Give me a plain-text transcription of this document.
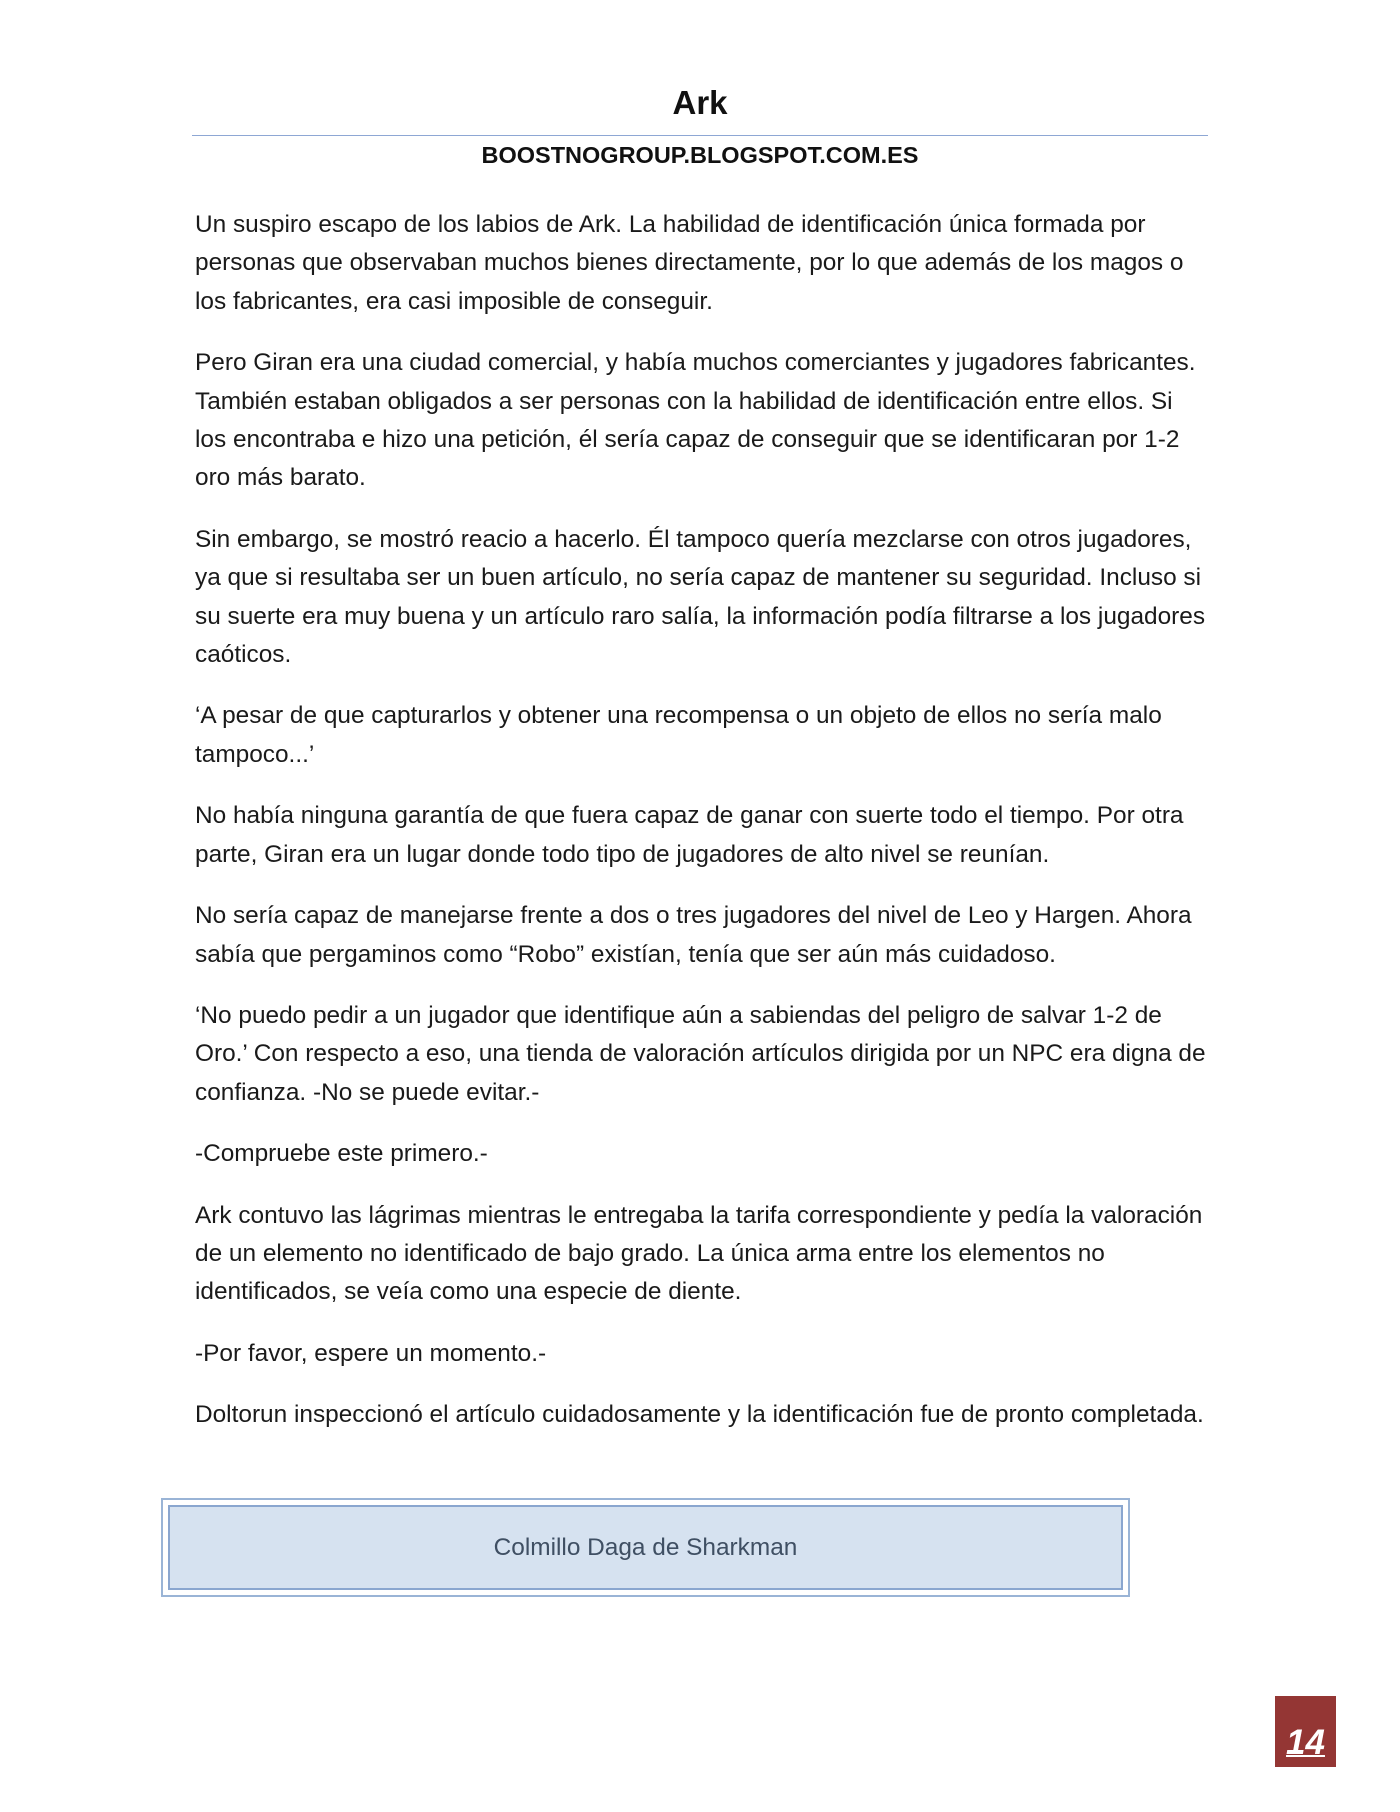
Ark
BOOSTNOGROUP.BLOGSPOT.COM.ES

Un suspiro escapo de los labios de Ark. La habilidad de identificación única formada por personas que observaban muchos bienes directamente, por lo que además de los magos o los fabricantes, era casi imposible de conseguir.

Pero Giran era una ciudad comercial, y había muchos comerciantes y jugadores fabricantes. También estaban obligados a ser personas con la habilidad de identificación entre ellos. Si los encontraba e hizo una petición, él sería capaz de conseguir que se identificaran por 1-2 oro más barato.

Sin embargo, se mostró reacio a hacerlo. Él tampoco quería mezclarse con otros jugadores, ya que si resultaba ser un buen artículo, no sería capaz de mantener su seguridad. Incluso si su suerte era muy buena y un artículo raro salía, la información podía filtrarse a los jugadores caóticos.

‘A pesar de que capturarlos y obtener una recompensa o un objeto de ellos no sería malo tampoco...’

No había ninguna garantía de que fuera capaz de ganar con suerte todo el tiempo. Por otra parte, Giran era un lugar donde todo tipo de jugadores de alto nivel se reunían.

No sería capaz de manejarse frente a dos o tres jugadores del nivel de Leo y Hargen. Ahora sabía que pergaminos como “Robo” existían, tenía que ser aún más cuidadoso.

‘No puedo pedir a un jugador que identifique aún a sabiendas del peligro de salvar 1-2 de Oro.’ Con respecto a eso, una tienda de valoración artículos dirigida por un NPC era digna de confianza. -No se puede evitar.-

-Compruebe este primero.-

Ark contuvo las lágrimas mientras le entregaba la tarifa correspondiente y pedía la valoración de un elemento no identificado de bajo grado. La única arma entre los elementos no identificados, se veía como una especie de diente.

-Por favor, espere un momento.-

Doltorun inspeccionó el artículo cuidadosamente y la identificación fue de pronto completada.

Colmillo Daga de Sharkman
14
